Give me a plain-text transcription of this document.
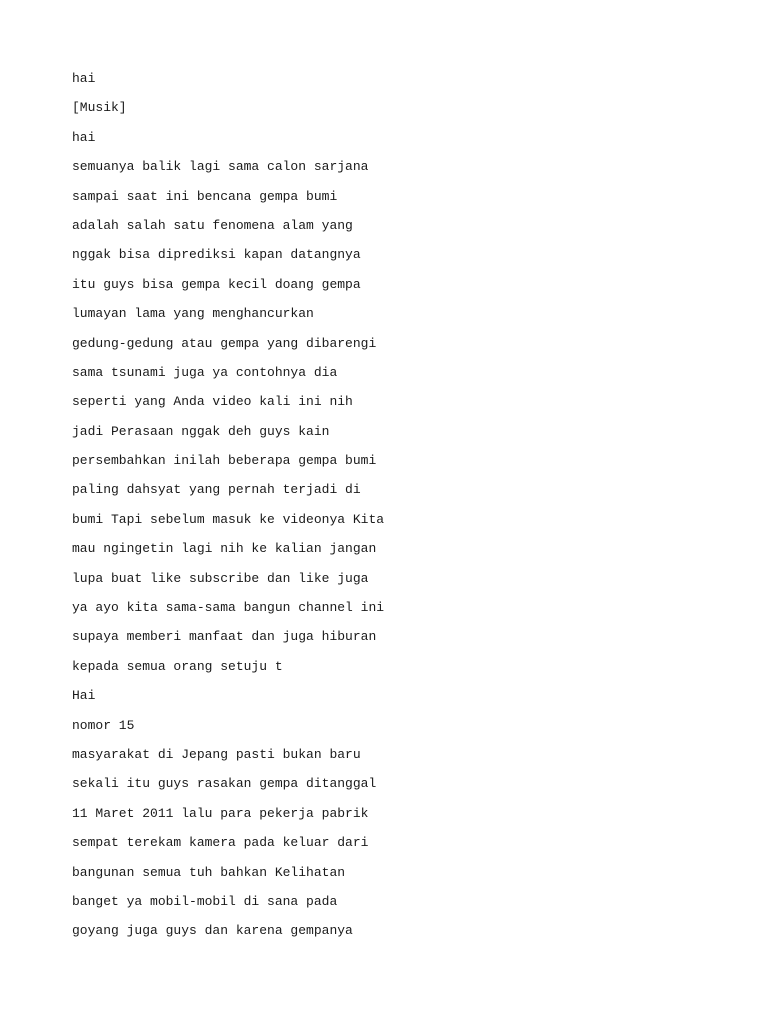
hai
[Musik]
hai
semuanya balik lagi sama calon sarjana
sampai saat ini bencana gempa bumi
adalah salah satu fenomena alam yang
nggak bisa diprediksi kapan datangnya
itu guys bisa gempa kecil doang gempa
lumayan lama yang menghancurkan
gedung-gedung atau gempa yang dibarengi
sama tsunami juga ya contohnya dia
seperti yang Anda video kali ini nih
jadi Perasaan nggak deh guys kain
persembahkan inilah beberapa gempa bumi
paling dahsyat yang pernah terjadi di
bumi Tapi sebelum masuk ke videonya Kita
mau ngingetin lagi nih ke kalian jangan
lupa buat like subscribe dan like juga
ya ayo kita sama-sama bangun channel ini
supaya memberi manfaat dan juga hiburan
kepada semua orang setuju t
Hai
nomor 15
masyarakat di Jepang pasti bukan baru
sekali itu guys rasakan gempa ditanggal
11 Maret 2011 lalu para pekerja pabrik
sempat terekam kamera pada keluar dari
bangunan semua tuh bahkan Kelihatan
banget ya mobil-mobil di sana pada
goyang juga guys dan karena gempanya
